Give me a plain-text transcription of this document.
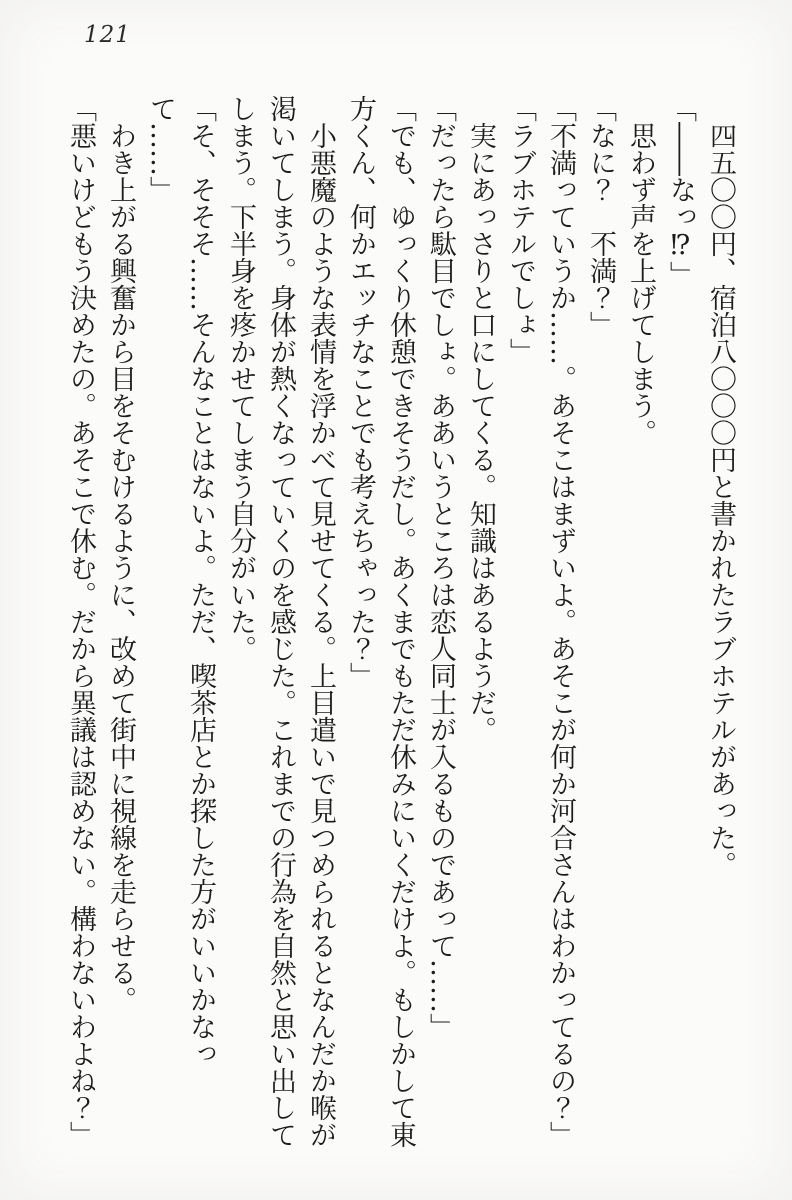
121

四五〇〇円、宿泊八〇〇〇円と書かれたラブホテルがあった。

「――なっ⁉」

思わず声を上げてしまう。

「なに？　不満？」

「不満っていうか……。あそこはまずいよ。あそこが何か河合さんはわかってるの？」

「ラブホテルでしょ」

実にあっさりと口にしてくる。知識はあるようだ。

「だったら駄目でしょ。ああいうところは恋人同士が入るものであって……」

「でも、ゆっくり休憩できそうだし。あくまでもただ休みにいくだけよ。もしかして東方くん、何かエッチなことでも考えちゃった？」

小悪魔のような表情を浮かべて見せてくる。上目遣いで見つめられるとなんだか喉が渇いてしまう。身体が熱くなっていくのを感じた。これまでの行為を自然と思い出してしまう。下半身を疼かせてしまう自分がいた。

「そ、そそそ……そんなことはないよ。ただ、喫茶店とか探した方がいいかなって……」

わき上がる興奮から目をそむけるように、改めて街中に視線を走らせる。

「悪いけどもう決めたの。あそこで休む。だから異議は認めない。構わないわよね？」
